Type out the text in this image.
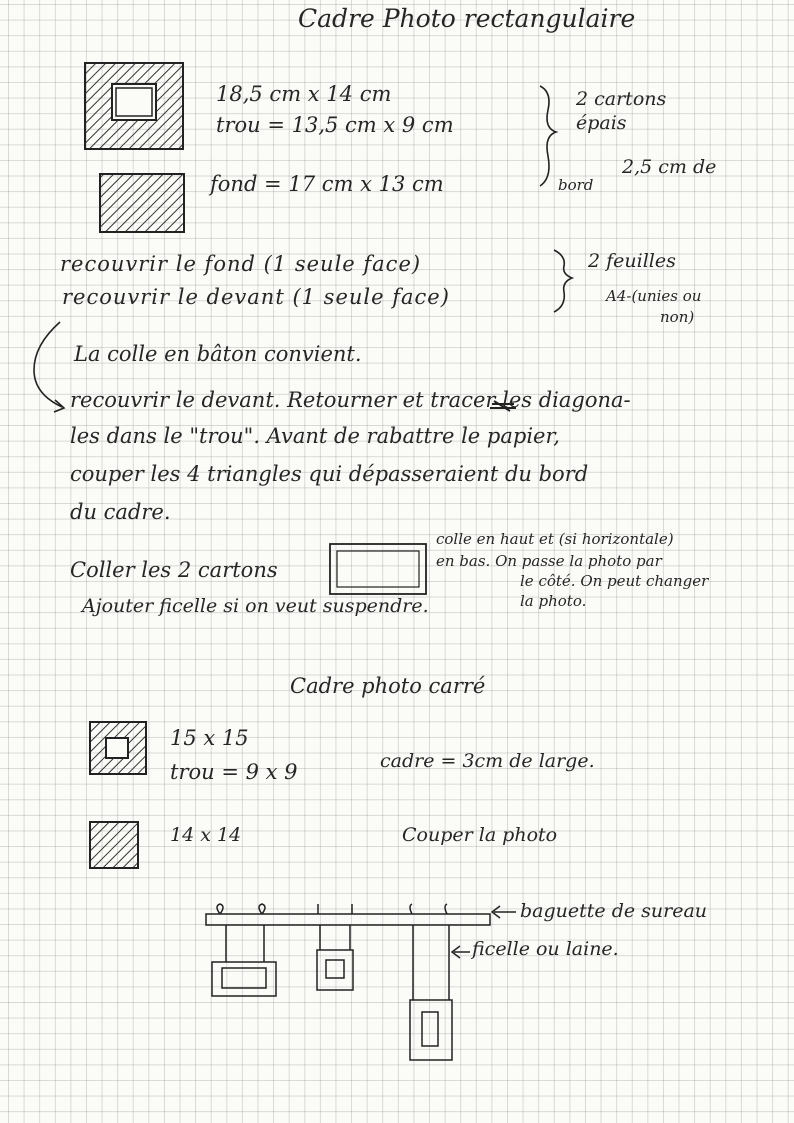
Cadre Photo rectangulaire
18,5 cm x 14 cm
trou = 13,5 cm x 9 cm
fond = 17 cm x 13 cm
2 cartons
épais
2,5 cm de
bord
recouvrir le fond (1 seule face)
recouvrir le devant (1 seule face)
2 feuilles
A4-(unies ou
non)
La colle en bâton convient.
recouvrir le devant. Retourner et tracer les diagona-
les dans le "trou". Avant de rabattre le papier,
couper les 4 triangles qui dépasseraient du bord
du cadre.
Coller les 2 cartons
colle en haut et (si horizontale)
en bas. On passe la photo par
le côté. On peut changer
la photo.
Ajouter ficelle si on veut suspendre.
Cadre photo carré
15 x 15
trou = 9 x 9	cadre = 3cm de large.
14 x 14	Couper la photo
baguette de sureau
ficelle ou laine.
